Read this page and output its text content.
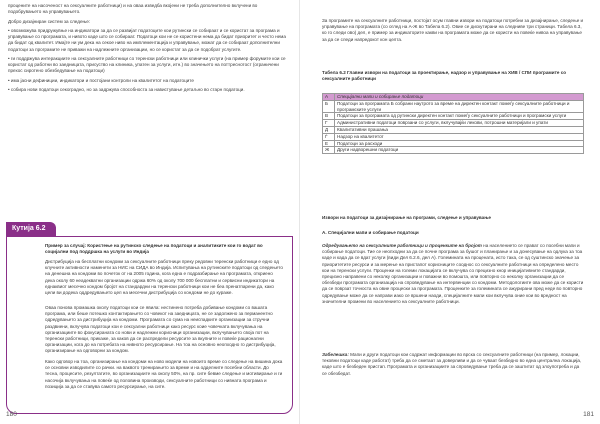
процените на насоченост на сексуалните работници) и на оваа изведба вкојени не треба дополнително вклучени во подобрувањето на управувањето.

Добро дизајниран систем за следење:

• овозможува придружувње на индикатори за да се развијат податоците кои рутински се собираат и се користат за програма и управување со програмата, и нивото каде што се собираат. Податоци кои не се користени нема да бидат приоритет и често нема да бидат од квалитет. Имајте ни ум дека на секое ниво на имплементација и управување, можат да се собираат дополнителни податоци за програмите не приважи на надлежните организации, но се користат за да се подобрат услугите.

• ги поддржува интеракциите на сексуалните работници со теренски работници или клинички услуги (на пример форумите кои се користат од работни во заедницата, присуство на клиника, упатен за услуги, итн.) во значењето на поттреснотост (ограничени прехос сиротено обезбедување на податоци)

• има јасни дефиниции, индикатори и постојани контроли на квалитетот на податоците

• собира нови податоци секоградно, но за задржува способноста за навистување детаљно во старн податоци.

Кутија 6.2
Пример за случај: Користење на рутинско следење на податоци и аналитиките кои го водат во социјални под поддршка на услуги во Индија
Дистрибуција на бесплатни кондоми за сексуалните работници преку редовни теренски работници е едно од клучните активности наменети за НИС на СИДА во Индија. Испитувања на рутинските податоци од следењето на денешна на кондоми во почеток от на 2005 година, кога една е подразбирање на програмата, откриено дека околу 60 неадекватни организации одржа 60% од околу 700 000 бесплатни и сервисни индикатори на еднаквиот месечно кондом бројот на стандардни на теренски работници кои не беа пренатпарени да, како цели ви додека оддредувањето цел на месечни дистрибуција со кондоми не до кураже.
Оваа понова промашка околу податоци кои се явила: нестинено потреба добивање кондоми со вашата програма, или беше потешко контактирањето со човекот на заедницата, не се задолжено за перманентно одредувањето за дистрибуција на кондоми. Програмата со сума на неиспадките организации за стручни раздвиени, вклучува податоци кои е сексуални работници како ресурс коие човечката вклучувања на организациите во фокусираната со нови и надлежни корисници организации, вклучувањето своја пот на теренски работници, прикаже, за каков да се распредели ресурсите за вкупните и повеќе рационални организации, кога до на потребата на нивното ресурсирање. На тоа на основно неопходно го дистрибуција, организирање на одговорни за кондом.
Како одговор на тоа, организирање на кондоми на ново модели на новоито време со следење на вишина дока се основни изводилите со рачки. на ваквото тренирањето за време и на одделните посебни области. До тесна, процесите, резултатите, во организациите на околу 50%, на пр. сите бевме следење и мотивирање и ги насочија вклучувања на повеќе од половина производи, сексуалните работници со нивната програма и позиција за да се ставува самото ресурсирање, на сите.
180
За програмите на сексуалните работници, постојат осум главни извори на податоци потребни за дизајнирање, следење и управување на програмата (со оглед на А-Ж во Табела 6.2). Овие се дискутирани на следниве три страници. Табела 6.3, ко го следи ово) дел, е пример за индикаторите какви на програмата може да се користи на повеќе нивоа на управување за да се следи напредокот кон целта.
Табела 6.2 Главни извори на податоци за проектирање, надзор и управување на ХИВ / СПИ програмите со сексуалните работници
А	Специјални мапи и собирање податоци
Б	Податоци за програмата Б собрани наутрото за време на директен контакт помеѓу сексуалните работници и програмските услуги
В	Податоци за програмата од рутински директен контакт помеѓу сексуалните работници и програмски услуги
Г	Административни податоци поврзани со услуги, вклучувајќи лекови, потрошни материјали и упати
Д	Квалитативни прашања
Ѓ	Надзор на квалитетот
Е	Податоци за расходи
Ж	Други надворешни податоци
Извори на податоци за дизајнирање на програми, следење и управување
А. Специјални мапи и собирање податоци
Одредувањето на сексуалните работници и проценките на бројот на населението се прават со посебни мапи и собирање податоци. Тие се неопходни за да се почне програма за бушот и планирање и за донесување на одлука за тоа каде и када да се вдат услуги (види Дел 6.2.6, дел А). Големината на процената, исто така, се од суштинско значење за приоритетите ресурси и за мерење на пристапот корисниците сооднос со сексуалните работници на определено место кои на теренски услуги. Проценки на големи локацијата се вклучува со прецизно кнор иницијативните стандарди, прецизно направени со неколку организации и поважни во помошта, или повторно со неколку организации да се обезбеди програмата организација на спроведување на интервенции со кондоми. Методологиите ова може да се користи да се поврзат точноста на овие процески за програмата. Проценките за големината се ажурирани пред неде во повторно одредување може да се направи иако се вршени наоди, специјалните мапи кои вклучува оние кои во вредност на значителни промени во населението на сексуалните работници.
Забелешка: Мапи и други податоци кои содржат информации во врска со сексуалните работници (на пример, локации, тековни податоци каде работат) треба да се сметаат за доверливи и да се чуваат безбедно во една централна локација, каде што е безбеден пристап. Програмата и организациите за спроведување треба да се заштитат од злоупотреба и да се обезбедат.
181
